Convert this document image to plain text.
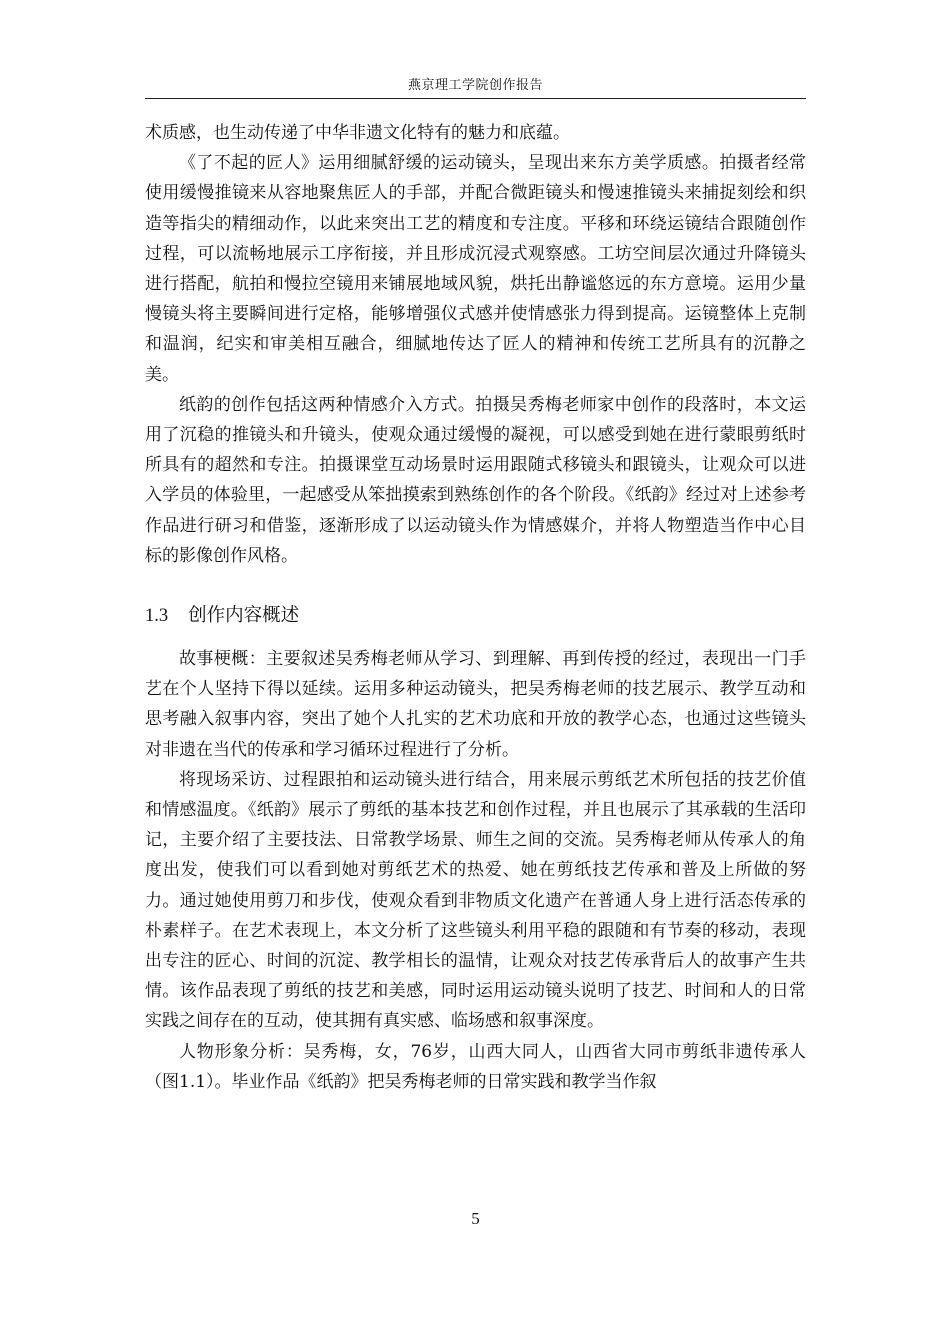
燕京理工学院创作报告

术质感，也生动传递了中华非遗文化特有的魅力和底蕴。

《了不起的匠人》运用细腻舒缓的运动镜头，呈现出来东方美学质感。拍摄者经常使用缓慢推镜来从容地聚焦匠人的手部，并配合微距镜头和慢速推镜头来捕捉刻绘和织造等指尖的精细动作，以此来突出工艺的精度和专注度。平移和环绕运镜结合跟随创作过程，可以流畅地展示工序衔接，并且形成沉浸式观察感。工坊空间层次通过升降镜头进行搭配，航拍和慢拉空镜用来铺展地域风貌，烘托出静谧悠远的东方意境。运用少量慢镜头将主要瞬间进行定格，能够增强仪式感并使情感张力得到提高。运镜整体上克制和温润，纪实和审美相互融合，细腻地传达了匠人的精神和传统工艺所具有的沉静之美。

纸韵的创作包括这两种情感介入方式。拍摄吴秀梅老师家中创作的段落时，本文运用了沉稳的推镜头和升镜头，使观众通过缓慢的凝视，可以感受到她在进行蒙眼剪纸时所具有的超然和专注。拍摄课堂互动场景时运用跟随式移镜头和跟镜头，让观众可以进入学员的体验里，一起感受从笨拙摸索到熟练创作的各个阶段。《纸韵》经过对上述参考作品进行研习和借鉴，逐渐形成了以运动镜头作为情感媒介，并将人物塑造当作中心目标的影像创作风格。

1.3 创作内容概述

故事梗概：主要叙述吴秀梅老师从学习、到理解、再到传授的经过，表现出一门手艺在个人坚持下得以延续。运用多种运动镜头，把吴秀梅老师的技艺展示、教学互动和思考融入叙事内容，突出了她个人扎实的艺术功底和开放的教学心态，也通过这些镜头对非遗在当代的传承和学习循环过程进行了分析。

将现场采访、过程跟拍和运动镜头进行结合，用来展示剪纸艺术所包括的技艺价值和情感温度。《纸韵》展示了剪纸的基本技艺和创作过程，并且也展示了其承载的生活印记，主要介绍了主要技法、日常教学场景、师生之间的交流。吴秀梅老师从传承人的角度出发，使我们可以看到她对剪纸艺术的热爱、她在剪纸技艺传承和普及上所做的努力。通过她使用剪刀和步伐，使观众看到非物质文化遗产在普通人身上进行活态传承的朴素样子。在艺术表现上，本文分析了这些镜头利用平稳的跟随和有节奏的移动，表现出专注的匠心、时间的沉淀、教学相长的温情，让观众对技艺传承背后人的故事产生共情。该作品表现了剪纸的技艺和美感，同时运用运动镜头说明了技艺、时间和人的日常实践之间存在的互动，使其拥有真实感、临场感和叙事深度。

人物形象分析：吴秀梅，女，76岁，山西大同人，山西省大同市剪纸非遗传承人（图1.1）。毕业作品《纸韵》把吴秀梅老师的日常实践和教学当作叙

5
